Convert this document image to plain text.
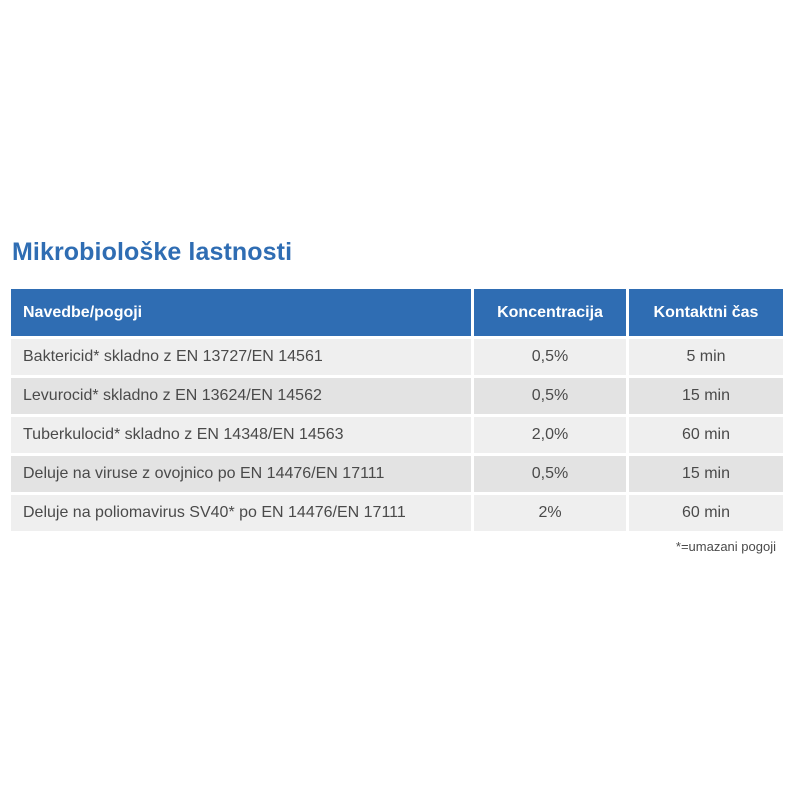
Mikrobiološke lastnosti
Navedbe/pogoji	Koncentracija	Kontaktni čas
Baktericid* skladno z EN 13727/EN 14561	0,5%	5 min
Levurocid* skladno z EN 13624/EN 14562	0,5%	15 min
Tuberkulocid* skladno z EN 14348/EN 14563	2,0%	60 min
Deluje na viruse z ovojnico po EN 14476/EN 17111	0,5%	15 min
Deluje na poliomavirus SV40* po EN 14476/EN 17111	2%	60 min
*=umazani pogoji
